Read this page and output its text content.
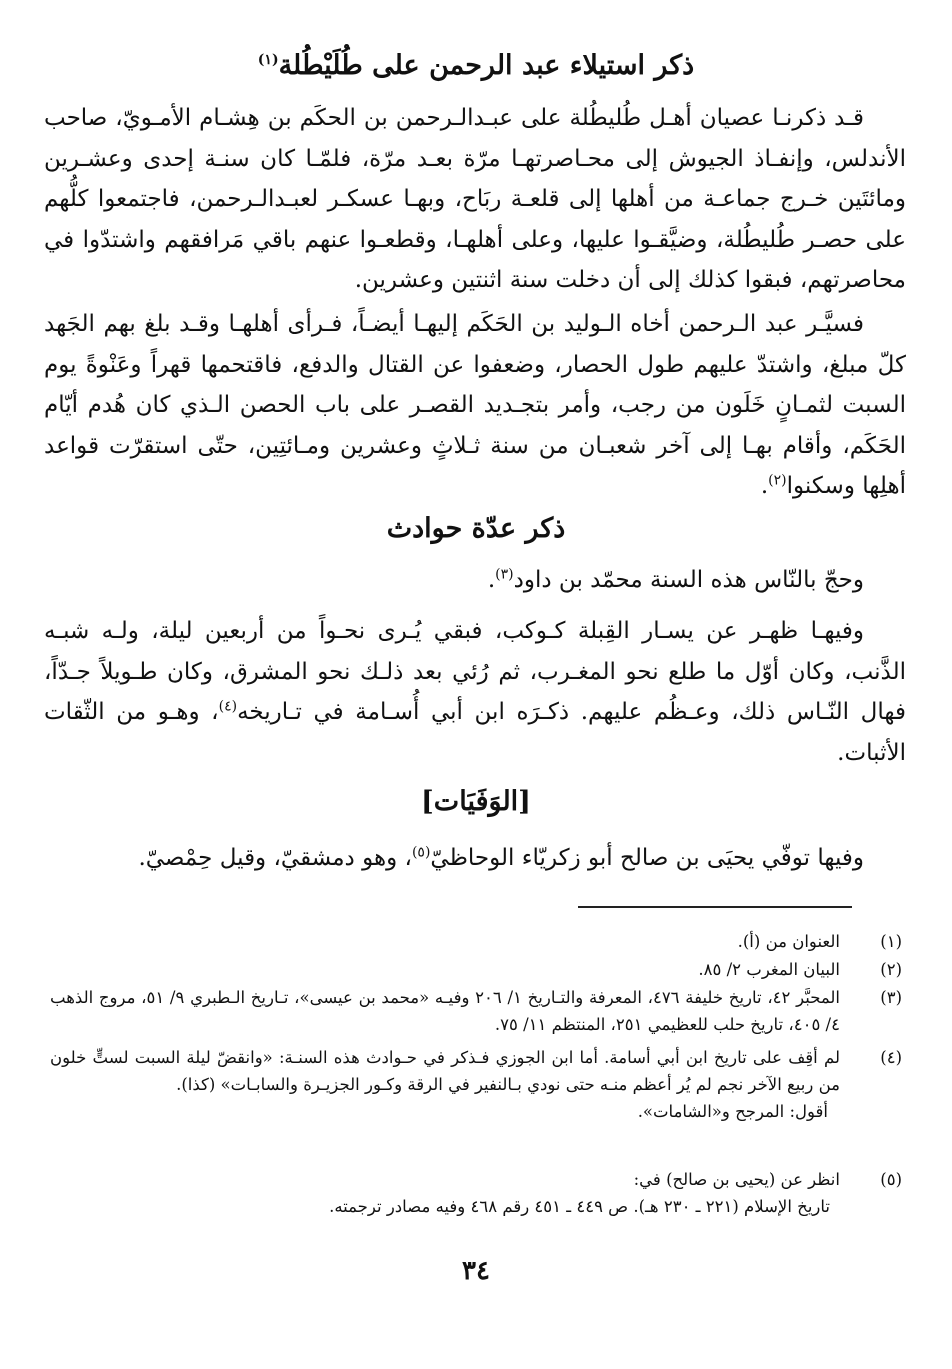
ذكر استيلاء عبد الرحمن على طُلَيْطُلة$^{(١)}$
قـد ذكرنـا عصيان أهـل طُليطُلة على عبـدالـرحمن بن الحكَم بن هِشـام الأمـويّ، صاحب الأندلس، وإنفـاذ الجيوش إلى محـاصرتهـا مرّة بعـد مرّة، فلمّـا كان سنـة إحدى وعشـرين ومائتَين خـرج جماعـة من أهلها إلى قلعـة ربَاح، وبهـا عسكـر لعبـدالـرحمن، فاجتمعوا كلُّهم على حصـر طُليطُلة، وضيَّقـوا عليها، وعلى أهلهـا، وقطعـوا عنهم باقي مَرافقهم واشتدّوا في محاصرتهم، فبقوا كذلك إلى أن دخلت سنة اثنتين وعشرين.
فسيَّـر عبد الـرحمن أخاه الـوليد بن الحَكَم إليهـا أيضـاً، فـرأى أهلهـا وقـد بلغ بهم الجَهد كلّ مبلغ، واشتدّ عليهم طول الحصار، وضعفوا عن القتال والدفع، فاقتحمها قهراً وعَنْوةً يوم السبت لثمـانٍ خَلَون من رجب، وأمر بتجـديد القصـر على باب الحصن الـذي كان هُدم أيّام الحَكَم، وأقام بهـا إلى آخر شعبـان من سنة ثـلاثٍ وعشرين ومـائتِين، حتّى استقرّت قواعد أهلِها وسكنوا$^{(٢)}$.
ذكر عدّة حوادث
وحجّ بالنّاس هذه السنة محمّد بن داود$^{(٣)}$.
وفيهـا ظهـر عن يسـار القِبلة كـوكب، فبقي يُـرى نحـواً من أربعين ليلة، ولـه شبـه الذَّنب، وكان أوّل ما طلع نحو المغـرب، ثم رُئي بعد ذلـك نحو المشرق، وكان طـويلاً جـدّاً، فهال النّـاس ذلك، وعـظُم عليهم. ذكـرَه ابن أبي أُسـامة في تـاريخه$^{(٤)}$، وهـو من الثّقات الأثبات.
[الوَفَيَات]
وفيها توفّي يحيَى بن صالح أبو زكريّاء الوحاظيّ$^{(٥)}$، وهو دمشقيّ، وقيل حِمْصيّ.
(١)
العنوان من (أ).
(٢)
البيان المغرب ٢/ ٨٥.
(٣)
المحبَّر ٤٢، تاريخ خليفة ٤٧٦، المعرفة والتـاريخ ١/ ٢٠٦ وفيـه «محمد بن عيسى»، تـاريخ الـطبري ٩/ ٥١، مروج الذهب ٤/ ٤٠٥، تاريخ حلب للعظيمي ٢٥١، المنتظم ١١/ ٧٥.
(٤)
لم أقِف على تاريخ ابن أبي أسامة. أما ابن الجوزي فـذكر في حـوادث هذه السنـة: «وانقضّ ليلة السبت لستٍّ خلون من ربيع الآخر نجم لم يُر أعظم منـه حتى نودي بـالنفير في الرقة وكـور الجزيـرة والسابـات» (كذا).
أقول: المرجح و«الشامات».
(٥)
انظر عن (يحيى بن صالح) في:
تاريخ الإسلام (٢٢١ ـ ٢٣٠ هـ). ص ٤٤٩ ـ ٤٥١ رقم ٤٦٨ وفيه مصادر ترجمته.
٣٤
